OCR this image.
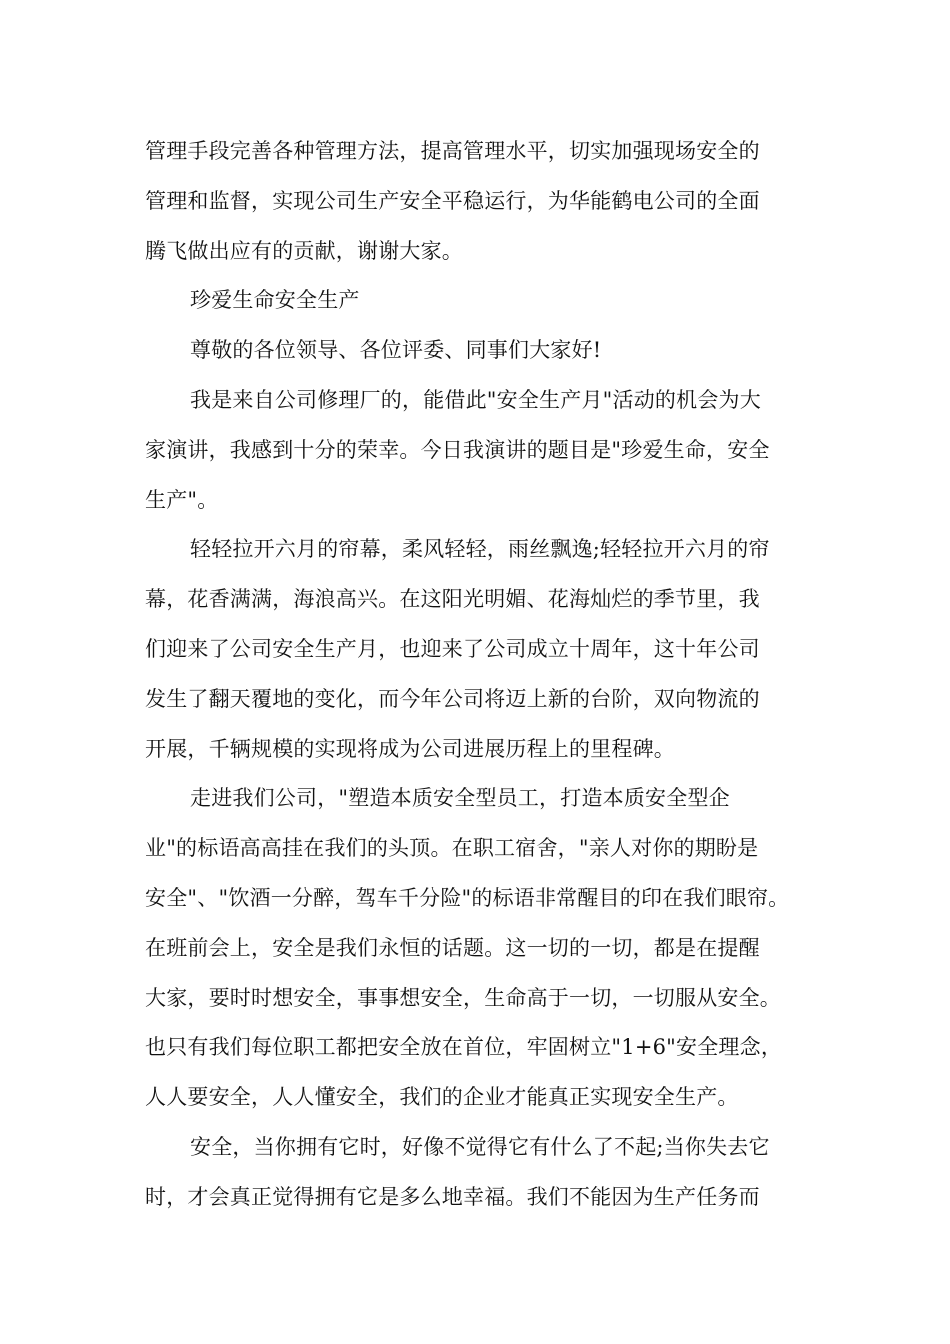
管理手段完善各种管理方法，提高管理水平，切实加强现场安全的
管理和监督，实现公司生产安全平稳运行，为华能鹤电公司的全面
腾飞做出应有的贡献，谢谢大家。
珍爱生命安全生产
尊敬的各位领导、各位评委、同事们大家好!
我是来自公司修理厂的，能借此"安全生产月"活动的机会为大
家演讲，我感到十分的荣幸。今日我演讲的题目是"珍爱生命，安全
生产"。
轻轻拉开六月的帘幕，柔风轻轻，雨丝飘逸;轻轻拉开六月的帘
幕，花香满满，海浪高兴。在这阳光明媚、花海灿烂的季节里，我
们迎来了公司安全生产月，也迎来了公司成立十周年，这十年公司
发生了翻天覆地的变化，而今年公司将迈上新的台阶，双向物流的
开展，千辆规模的实现将成为公司进展历程上的里程碑。
走进我们公司，"塑造本质安全型员工，打造本质安全型企
业"的标语高高挂在我们的头顶。在职工宿舍，"亲人对你的期盼是
安全"、"饮酒一分醉，驾车千分险"的标语非常醒目的印在我们眼帘。
在班前会上，安全是我们永恒的话题。这一切的一切，都是在提醒
大家，要时时想安全，事事想安全，生命高于一切，一切服从安全。
也只有我们每位职工都把安全放在首位，牢固树立"1+6"安全理念，
人人要安全，人人懂安全，我们的企业才能真正实现安全生产。
安全，当你拥有它时，好像不觉得它有什么了不起;当你失去它
时，才会真正觉得拥有它是多么地幸福。我们不能因为生产任务而
